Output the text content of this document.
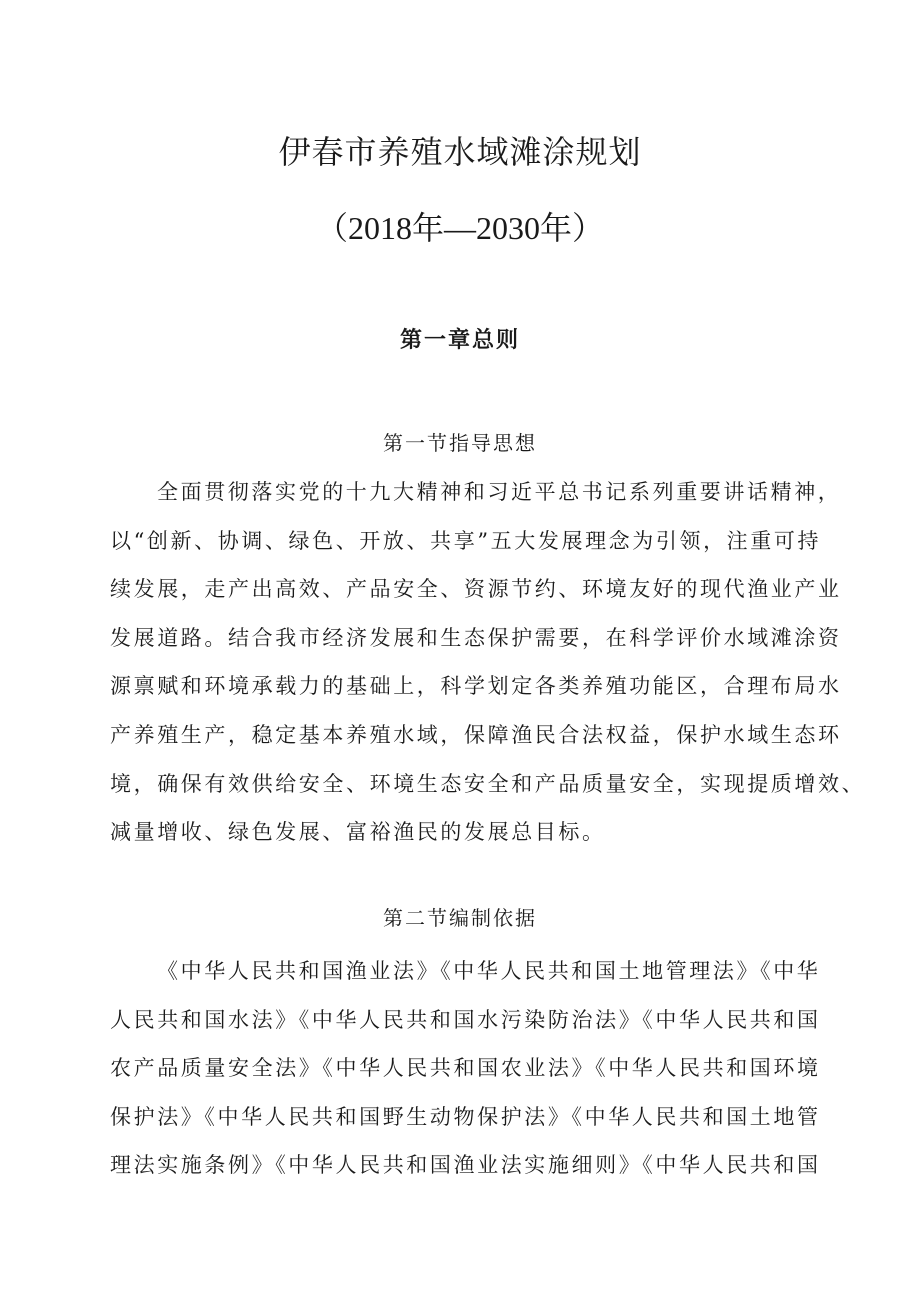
伊春市养殖水域滩涂规划
（2018年—2030年）
第一章总则
第一节指导思想
全面贯彻落实党的十九大精神和习近平总书记系列重要讲话精神，
以“创新、协调、绿色、开放、共享”五大发展理念为引领，注重可持
续发展，走产出高效、产品安全、资源节约、环境友好的现代渔业产业
发展道路。结合我市经济发展和生态保护需要，在科学评价水域滩涂资
源禀赋和环境承载力的基础上，科学划定各类养殖功能区，合理布局水
产养殖生产，稳定基本养殖水域，保障渔民合法权益，保护水域生态环
境，确保有效供给安全、环境生态安全和产品质量安全，实现提质增效、
减量增收、绿色发展、富裕渔民的发展总目标。
第二节编制依据
《中华人民共和国渔业法》《中华人民共和国土地管理法》《中华
人民共和国水法》《中华人民共和国水污染防治法》《中华人民共和国
农产品质量安全法》《中华人民共和国农业法》《中华人民共和国环境
保护法》《中华人民共和国野生动物保护法》《中华人民共和国土地管
理法实施条例》《中华人民共和国渔业法实施细则》《中华人民共和国
